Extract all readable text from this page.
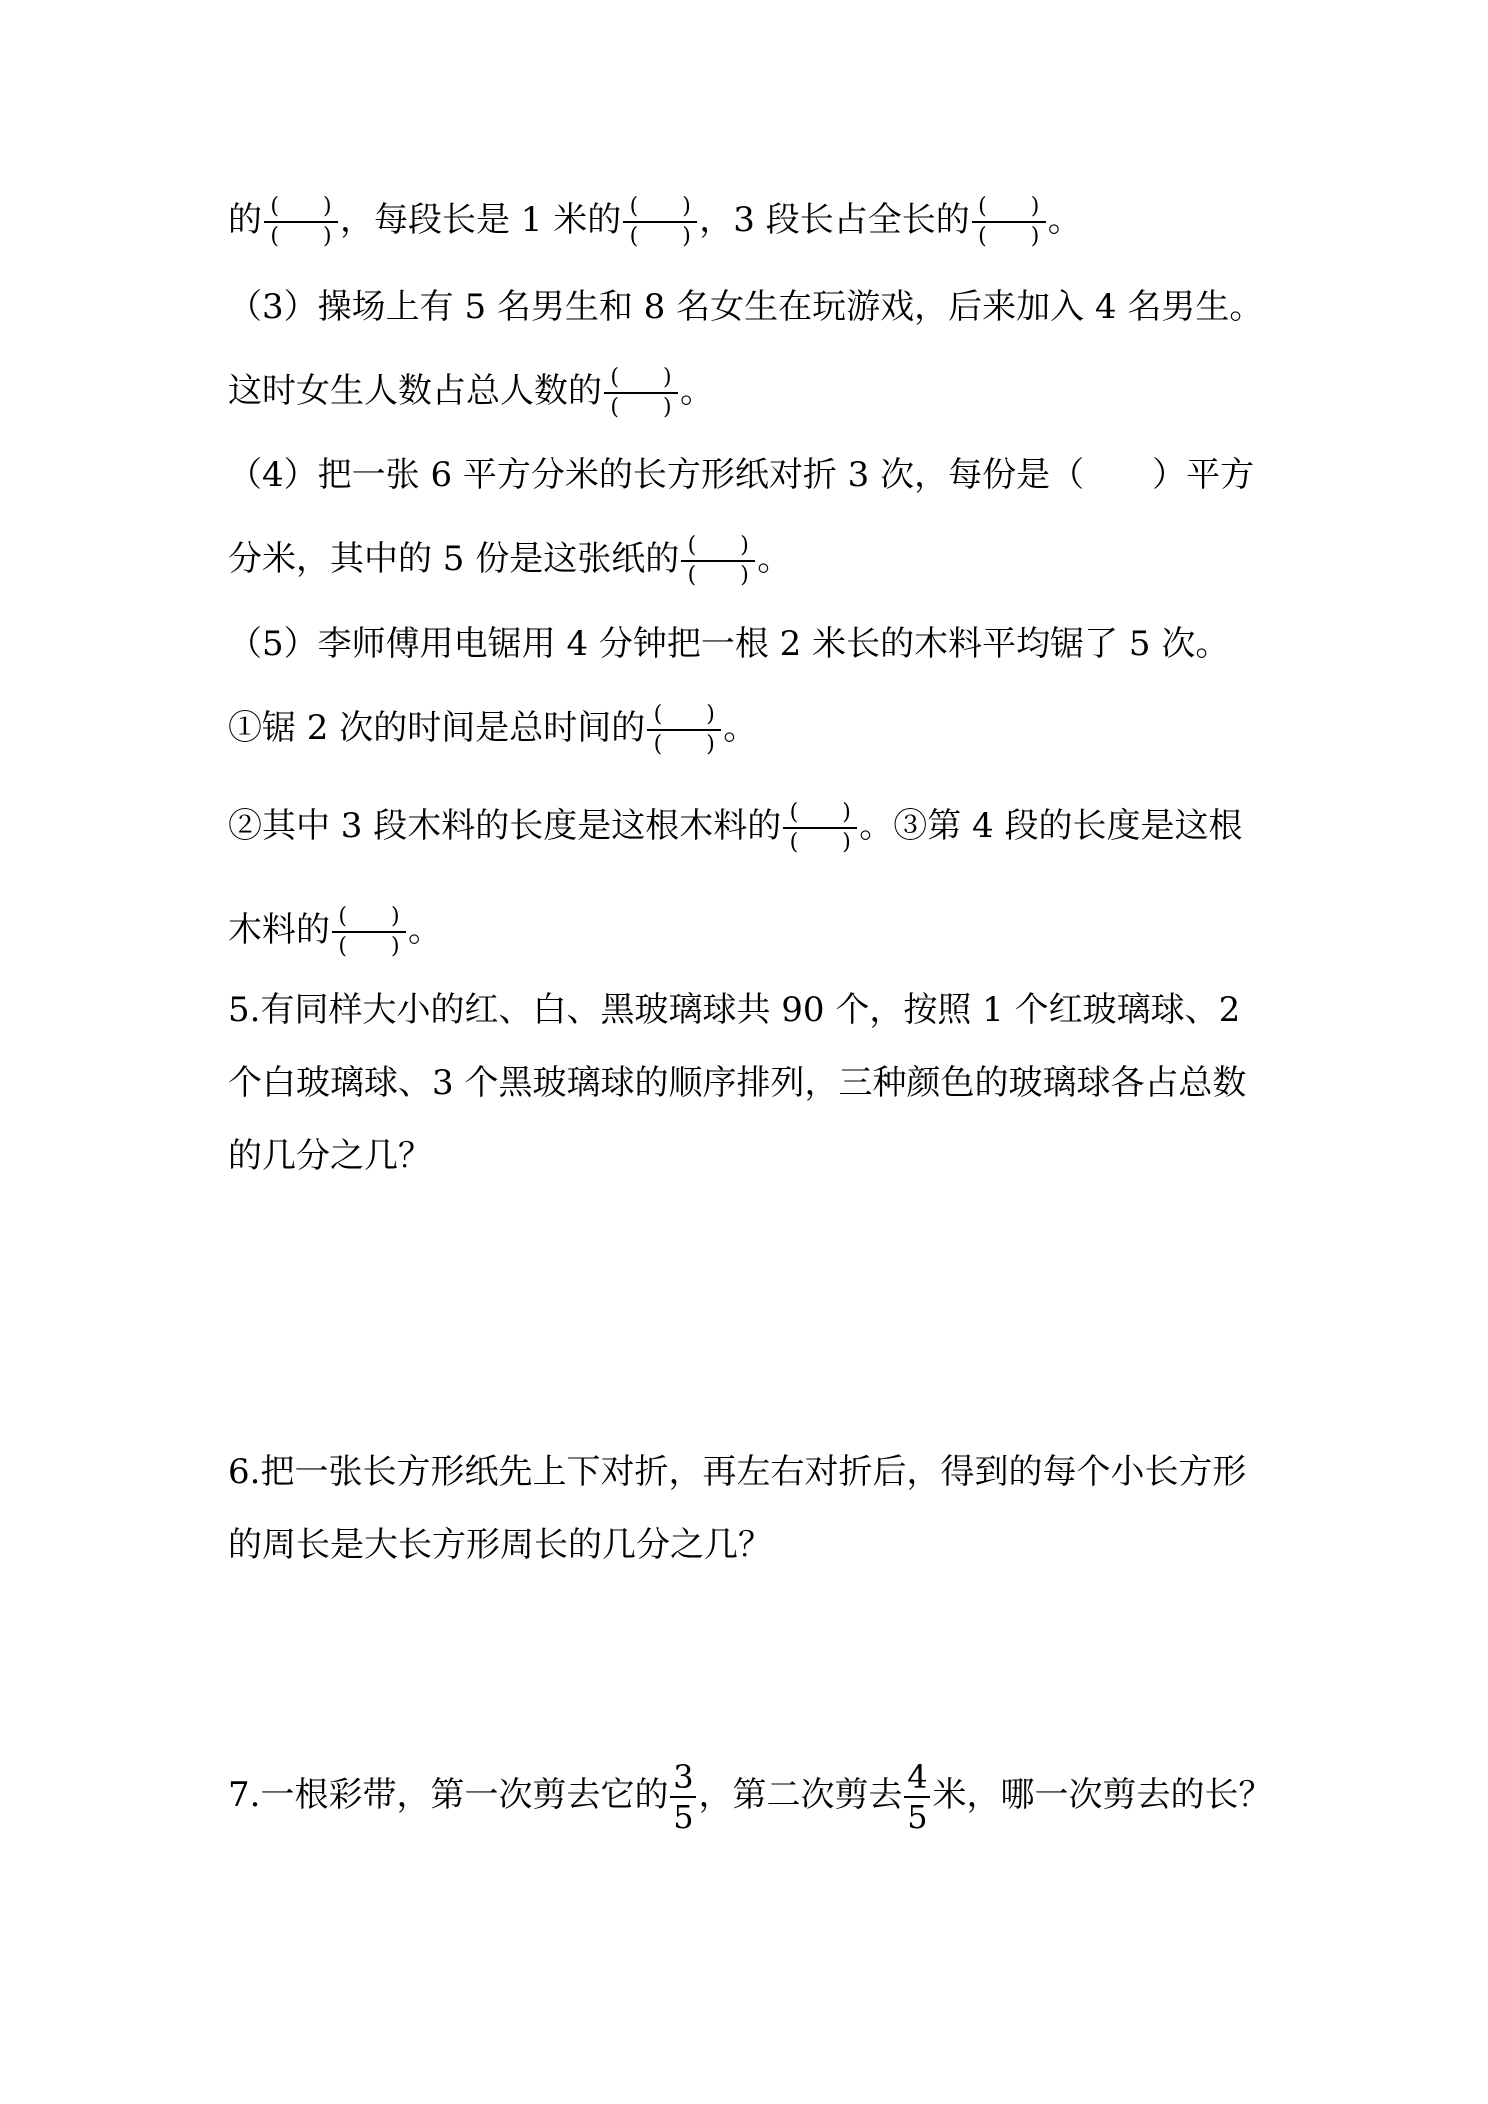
的 $\frac{( )}{( )}$ ，每段长是 1 米的 $\frac{( )}{( )}$ ，3 段长占全长的 $\frac{( )}{( )}$ 。
（3）操场上有 5 名男生和 8 名女生在玩游戏，后来加入 4 名男生。
这时女生人数占总人数的 $\frac{( )}{( )}$ 。
（4）把一张 6 平方分米的长方形纸对折 3 次，每份是（　　）平方
分米，其中的 5 份是这张纸的 $\frac{( )}{( )}$ 。
（5）李师傅用电锯用 4 分钟把一根 2 米长的木料平均锯了 5 次。
①锯 2 次的时间是总时间的 $\frac{( )}{( )}$ 。
②其中 3 段木料的长度是这根木料的 $\frac{( )}{( )}$ 。③第 4 段的长度是这根
木料的 $\frac{( )}{( )}$ 。
5.有同样大小的红、白、黑玻璃球共 90 个，按照 1 个红玻璃球、2
个白玻璃球、3 个黑玻璃球的顺序排列，三种颜色的玻璃球各占总数
的几分之几？
6.把一张长方形纸先上下对折，再左右对折后，得到的每个小长方形
的周长是大长方形周长的几分之几？
7.一根彩带，第一次剪去它的 $\frac{3}{5}$ ，第二次剪去 $\frac{4}{5}$ 米，哪一次剪去的长？
